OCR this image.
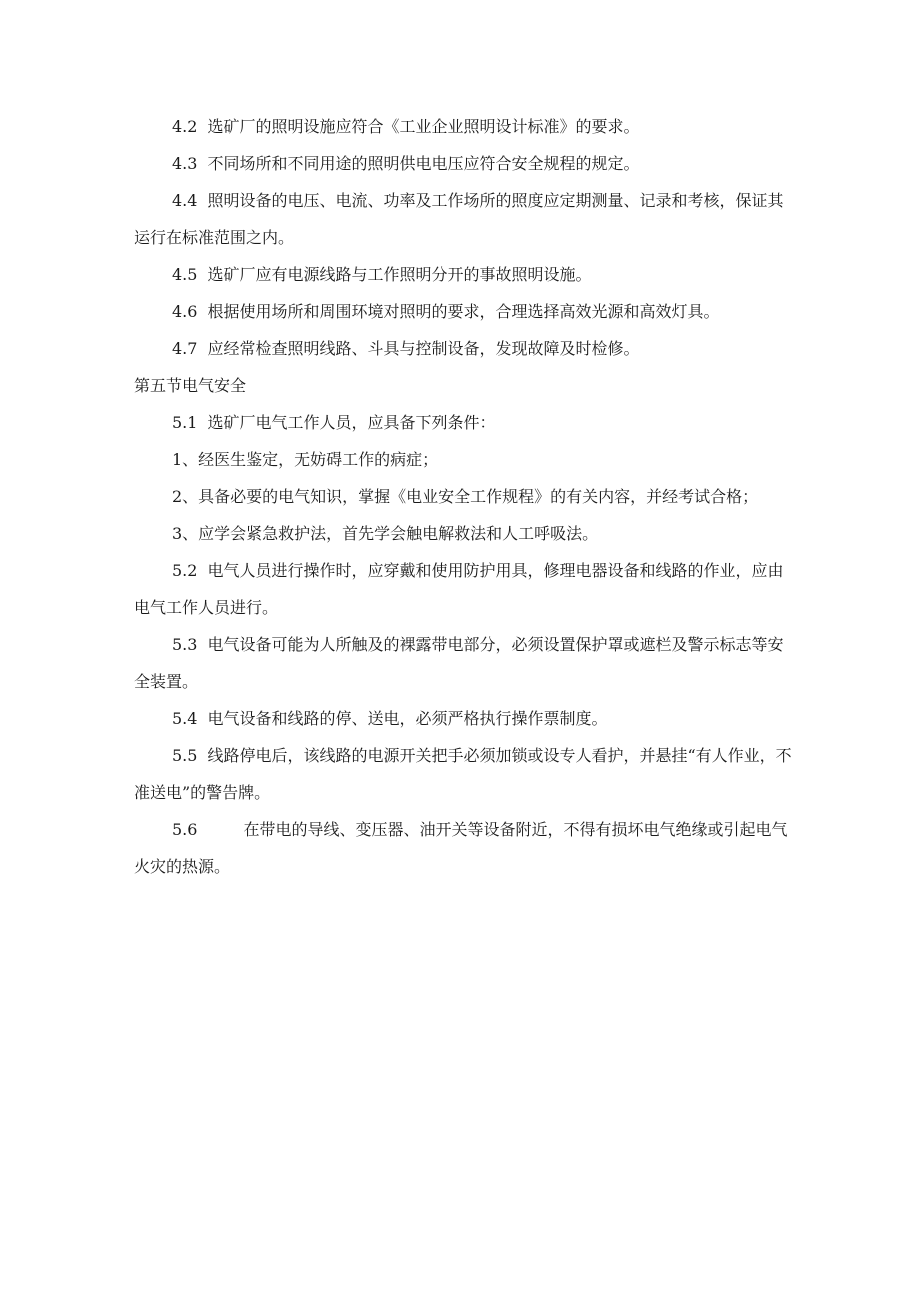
4.2 选矿厂的照明设施应符合《工业企业照明设计标准》的要求。

4.3 不同场所和不同用途的照明供电电压应符合安全规程的规定。

4.4 照明设备的电压、电流、功率及工作场所的照度应定期测量、记录和考核，保证其运行在标准范围之内。

4.5 选矿厂应有电源线路与工作照明分开的事故照明设施。

4.6 根据使用场所和周围环境对照明的要求，合理选择高效光源和高效灯具。

4.7 应经常检查照明线路、斗具与控制设备，发现故障及时检修。

第五节电气安全

5.1 选矿厂电气工作人员，应具备下列条件：

1、经医生鉴定，无妨碍工作的病症；

2、具备必要的电气知识，掌握《电业安全工作规程》的有关内容，并经考试合格；

3、应学会紧急救护法，首先学会触电解救法和人工呼吸法。

5.2 电气人员进行操作时，应穿戴和使用防护用具，修理电器设备和线路的作业，应由电气工作人员进行。

5.3 电气设备可能为人所触及的裸露带电部分，必须设置保护罩或遮栏及警示标志等安全装置。

5.4 电气设备和线路的停、送电，必须严格执行操作票制度。

5.5 线路停电后，该线路的电源开关把手必须加锁或设专人看护，并悬挂“有人作业，不准送电”的警告牌。

5.6	在带电的导线、变压器、油开关等设备附近，不得有损坏电气绝缘或引起电气火灾的热源。
